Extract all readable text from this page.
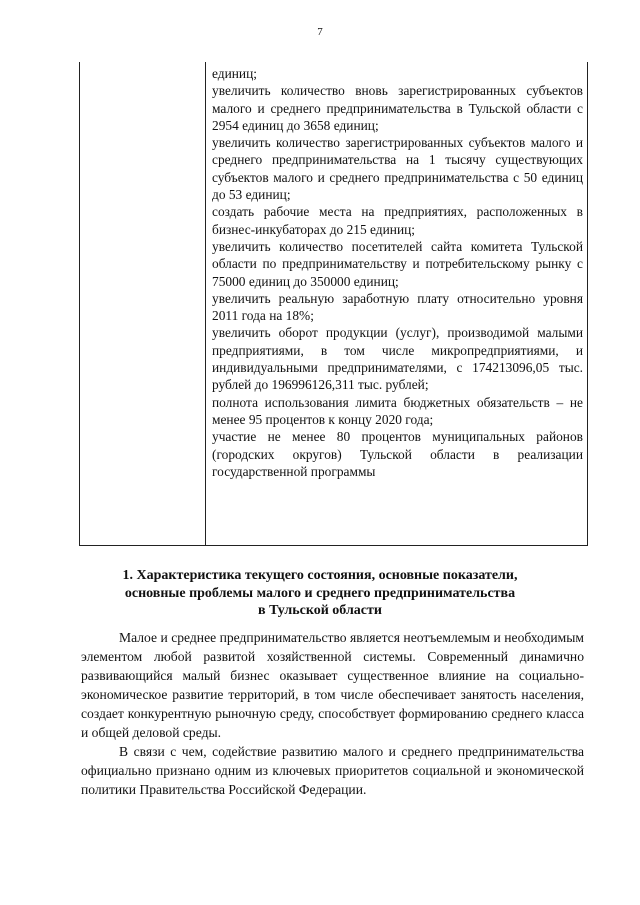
7

единиц;

увеличить количество вновь зарегистрированных субъектов малого и среднего предпринимательства в Тульской области с 2954 единиц до 3658 единиц;

увеличить количество зарегистрированных субъектов малого и среднего предпринимательства на 1 тысячу существующих субъектов малого и среднего предпринимательства с 50 единиц до 53 единиц;

создать рабочие места на предприятиях, расположенных в бизнес-инкубаторах до 215 единиц;

увеличить количество посетителей сайта комитета Тульской области по предпринимательству и потребительскому рынку с 75000 единиц до 350000 единиц;

увеличить реальную заработную плату относительно уровня 2011 года на 18%;

увеличить оборот продукции (услуг), производимой малыми предприятиями, в том числе микропредприятиями, и индивидуальными предпринимателями, с 174213096,05 тыс. рублей до 196996126,311 тыс. рублей;

полнота использования лимита бюджетных обязательств – не менее 95 процентов к концу 2020 года;

участие не менее 80 процентов муниципальных районов (городских округов) Тульской области в реализации государственной программы

1. Характеристика текущего состояния, основные показатели,
основные проблемы малого и среднего предпринимательства
в Тульской области

Малое и среднее предпринимательство является неотъемлемым и необходимым элементом любой развитой хозяйственной системы. Современный динамично развивающийся малый бизнес оказывает существенное влияние на социально-экономическое развитие территорий, в том числе обеспечивает занятость населения, создает конкурентную рыночную среду, способствует формированию среднего класса и общей деловой среды.

В связи с чем, содействие развитию малого и среднего предпринимательства официально признано одним из ключевых приоритетов социальной и экономической политики Правительства Российской Федерации.
